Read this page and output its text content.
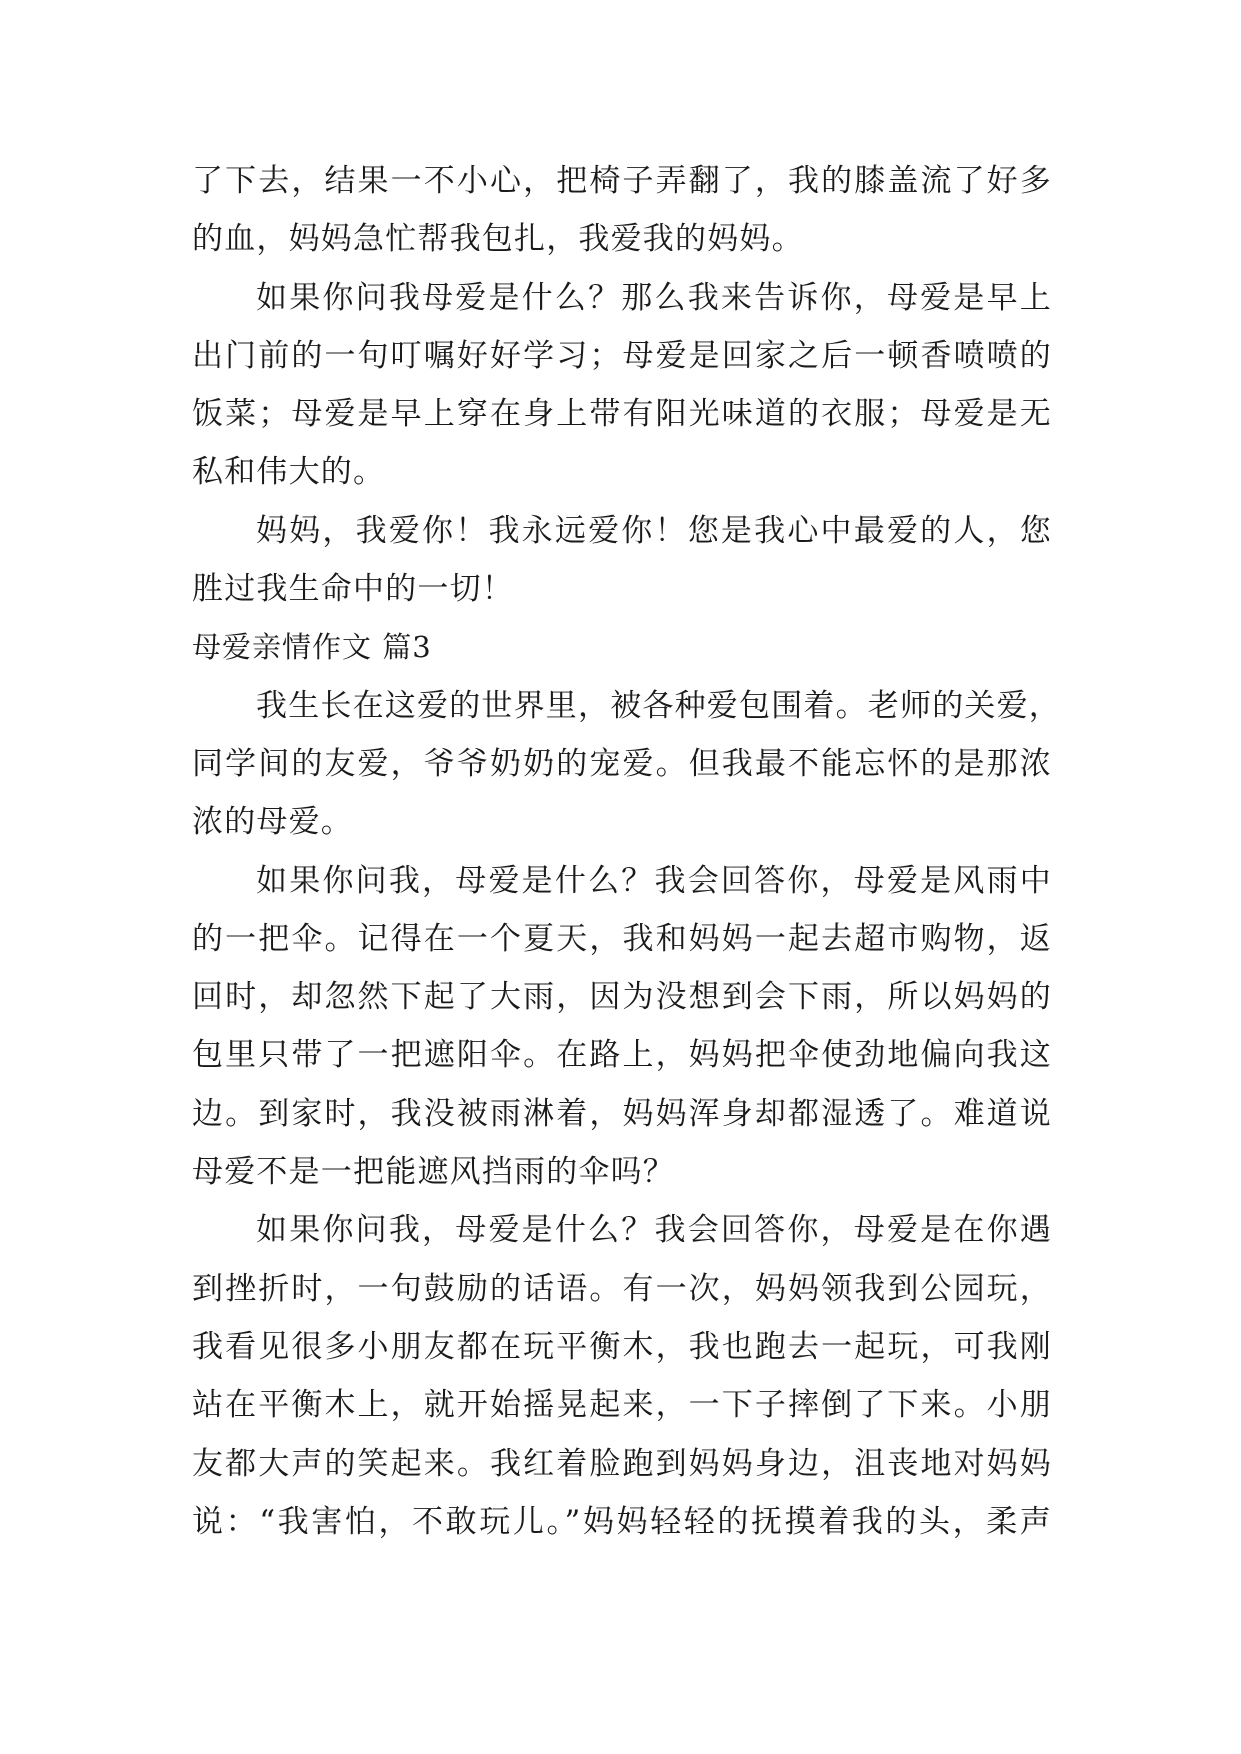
了下去，结果一不小心，把椅子弄翻了，我的膝盖流了好多
的血，妈妈急忙帮我包扎，我爱我的妈妈。
如果你问我母爱是什么？那么我来告诉你，母爱是早上
出门前的一句叮嘱好好学习；母爱是回家之后一顿香喷喷的
饭菜；母爱是早上穿在身上带有阳光味道的衣服；母爱是无
私和伟大的。
妈妈，我爱你！我永远爱你！您是我心中最爱的人，您
胜过我生命中的一切！
母爱亲情作文 篇3
我生长在这爱的世界里，被各种爱包围着。老师的关爱，
同学间的友爱，爷爷奶奶的宠爱。但我最不能忘怀的是那浓
浓的母爱。
如果你问我，母爱是什么？我会回答你，母爱是风雨中
的一把伞。记得在一个夏天，我和妈妈一起去超市购物，返
回时，却忽然下起了大雨，因为没想到会下雨，所以妈妈的
包里只带了一把遮阳伞。在路上，妈妈把伞使劲地偏向我这
边。到家时，我没被雨淋着，妈妈浑身却都湿透了。难道说
母爱不是一把能遮风挡雨的伞吗？
如果你问我，母爱是什么？我会回答你，母爱是在你遇
到挫折时，一句鼓励的话语。有一次，妈妈领我到公园玩，
我看见很多小朋友都在玩平衡木，我也跑去一起玩，可我刚
站在平衡木上，就开始摇晃起来，一下子摔倒了下来。小朋
友都大声的笑起来。我红着脸跑到妈妈身边，沮丧地对妈妈
说：“我害怕，不敢玩儿。”妈妈轻轻的抚摸着我的头，柔声
